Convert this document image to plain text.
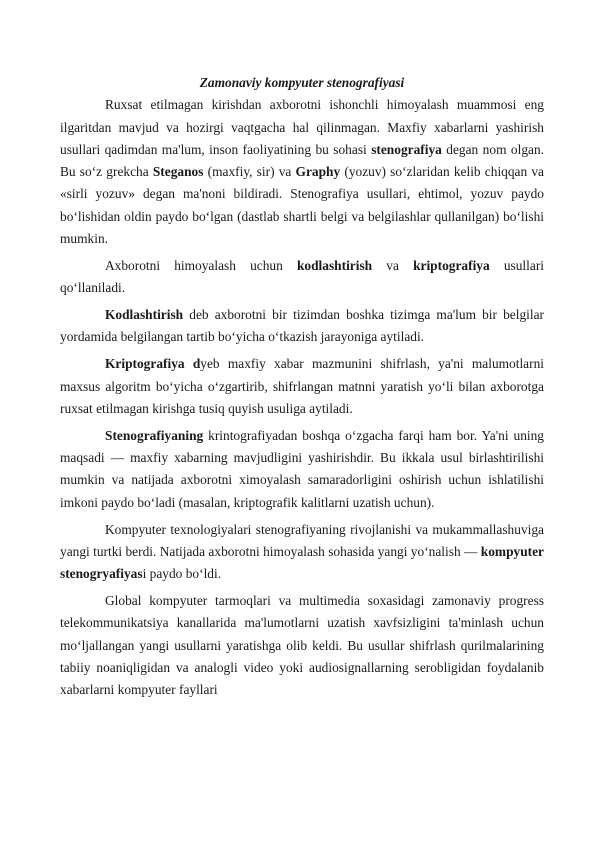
Zamonaviy kompyuter stenografiyasi

Ruxsat etilmagan kirishdan axborotni ishonchli himoyalash muammosi eng ilgaritdan mavjud va hozirgi vaqtgacha hal qilinmagan. Maxfiy xabarlarni yashirish usullari qadimdan ma'lum, inson faoliyatining bu sohasi stenografiya degan nom olgan. Bu so‘z grekcha Steganos (maxfiy, sir) va Graphy (yozuv) so‘zlaridan kelib chiqqan va «sirli yozuv» degan ma'noni bildiradi. Stenografiya usullari, ehtimol, yozuv paydo bo‘lishidan oldin paydo bo‘lgan (dastlab shartli belgi va belgilashlar qullanilgan) bo‘lishi mumkin.

Axborotni himoyalash uchun kodlashtirish va kriptografiya usullari qo‘llaniladi.

Kodlashtirish deb axborotni bir tizimdan boshka tizimga ma'lum bir belgilar yordamida belgilangan tartib bo‘yicha o‘tkazish jarayoniga aytiladi.

Kriptografiya dyeb maxfiy xabar mazmunini shifrlash, ya'ni malumotlarni maxsus algoritm bo‘yicha o‘zgartirib, shifrlangan matnni yaratish yo‘li bilan axborotga ruxsat etilmagan kirishga tusiq quyish usuliga aytiladi.

Stenografiyaning krintografiyadan boshqa o‘zgacha farqi ham bor. Ya'ni uning maqsadi — maxfiy xabarning mavjudligini yashirishdir. Bu ikkala usul birlashtirilishi mumkin va natijada axborotni ximoyalash samaradorligini oshirish uchun ishlatilishi imkoni paydo bo‘ladi (masalan, kriptografik kalitlarni uzatish uchun).

Kompyuter texnologiyalari stenografiyaning rivojlanishi va mukammallashuviga yangi turtki berdi. Natijada axborotni himoyalash sohasida yangi yo‘nalish — kompyuter stenogryafiyasi paydo bo‘ldi.

Global kompyuter tarmoqlari va multimedia soxasidagi zamonaviy progress telekommunikatsiya kanallarida ma'lumotlarni uzatish xavfsizligini ta'minlash uchun mo‘ljallangan yangi usullarni yaratishga olib keldi. Bu usullar shifrlash qurilmalarining tabiiy noaniqligidan va analogli video yoki audiosignallarning serobligidan foydalanib xabarlarni kompyuter fayllari
